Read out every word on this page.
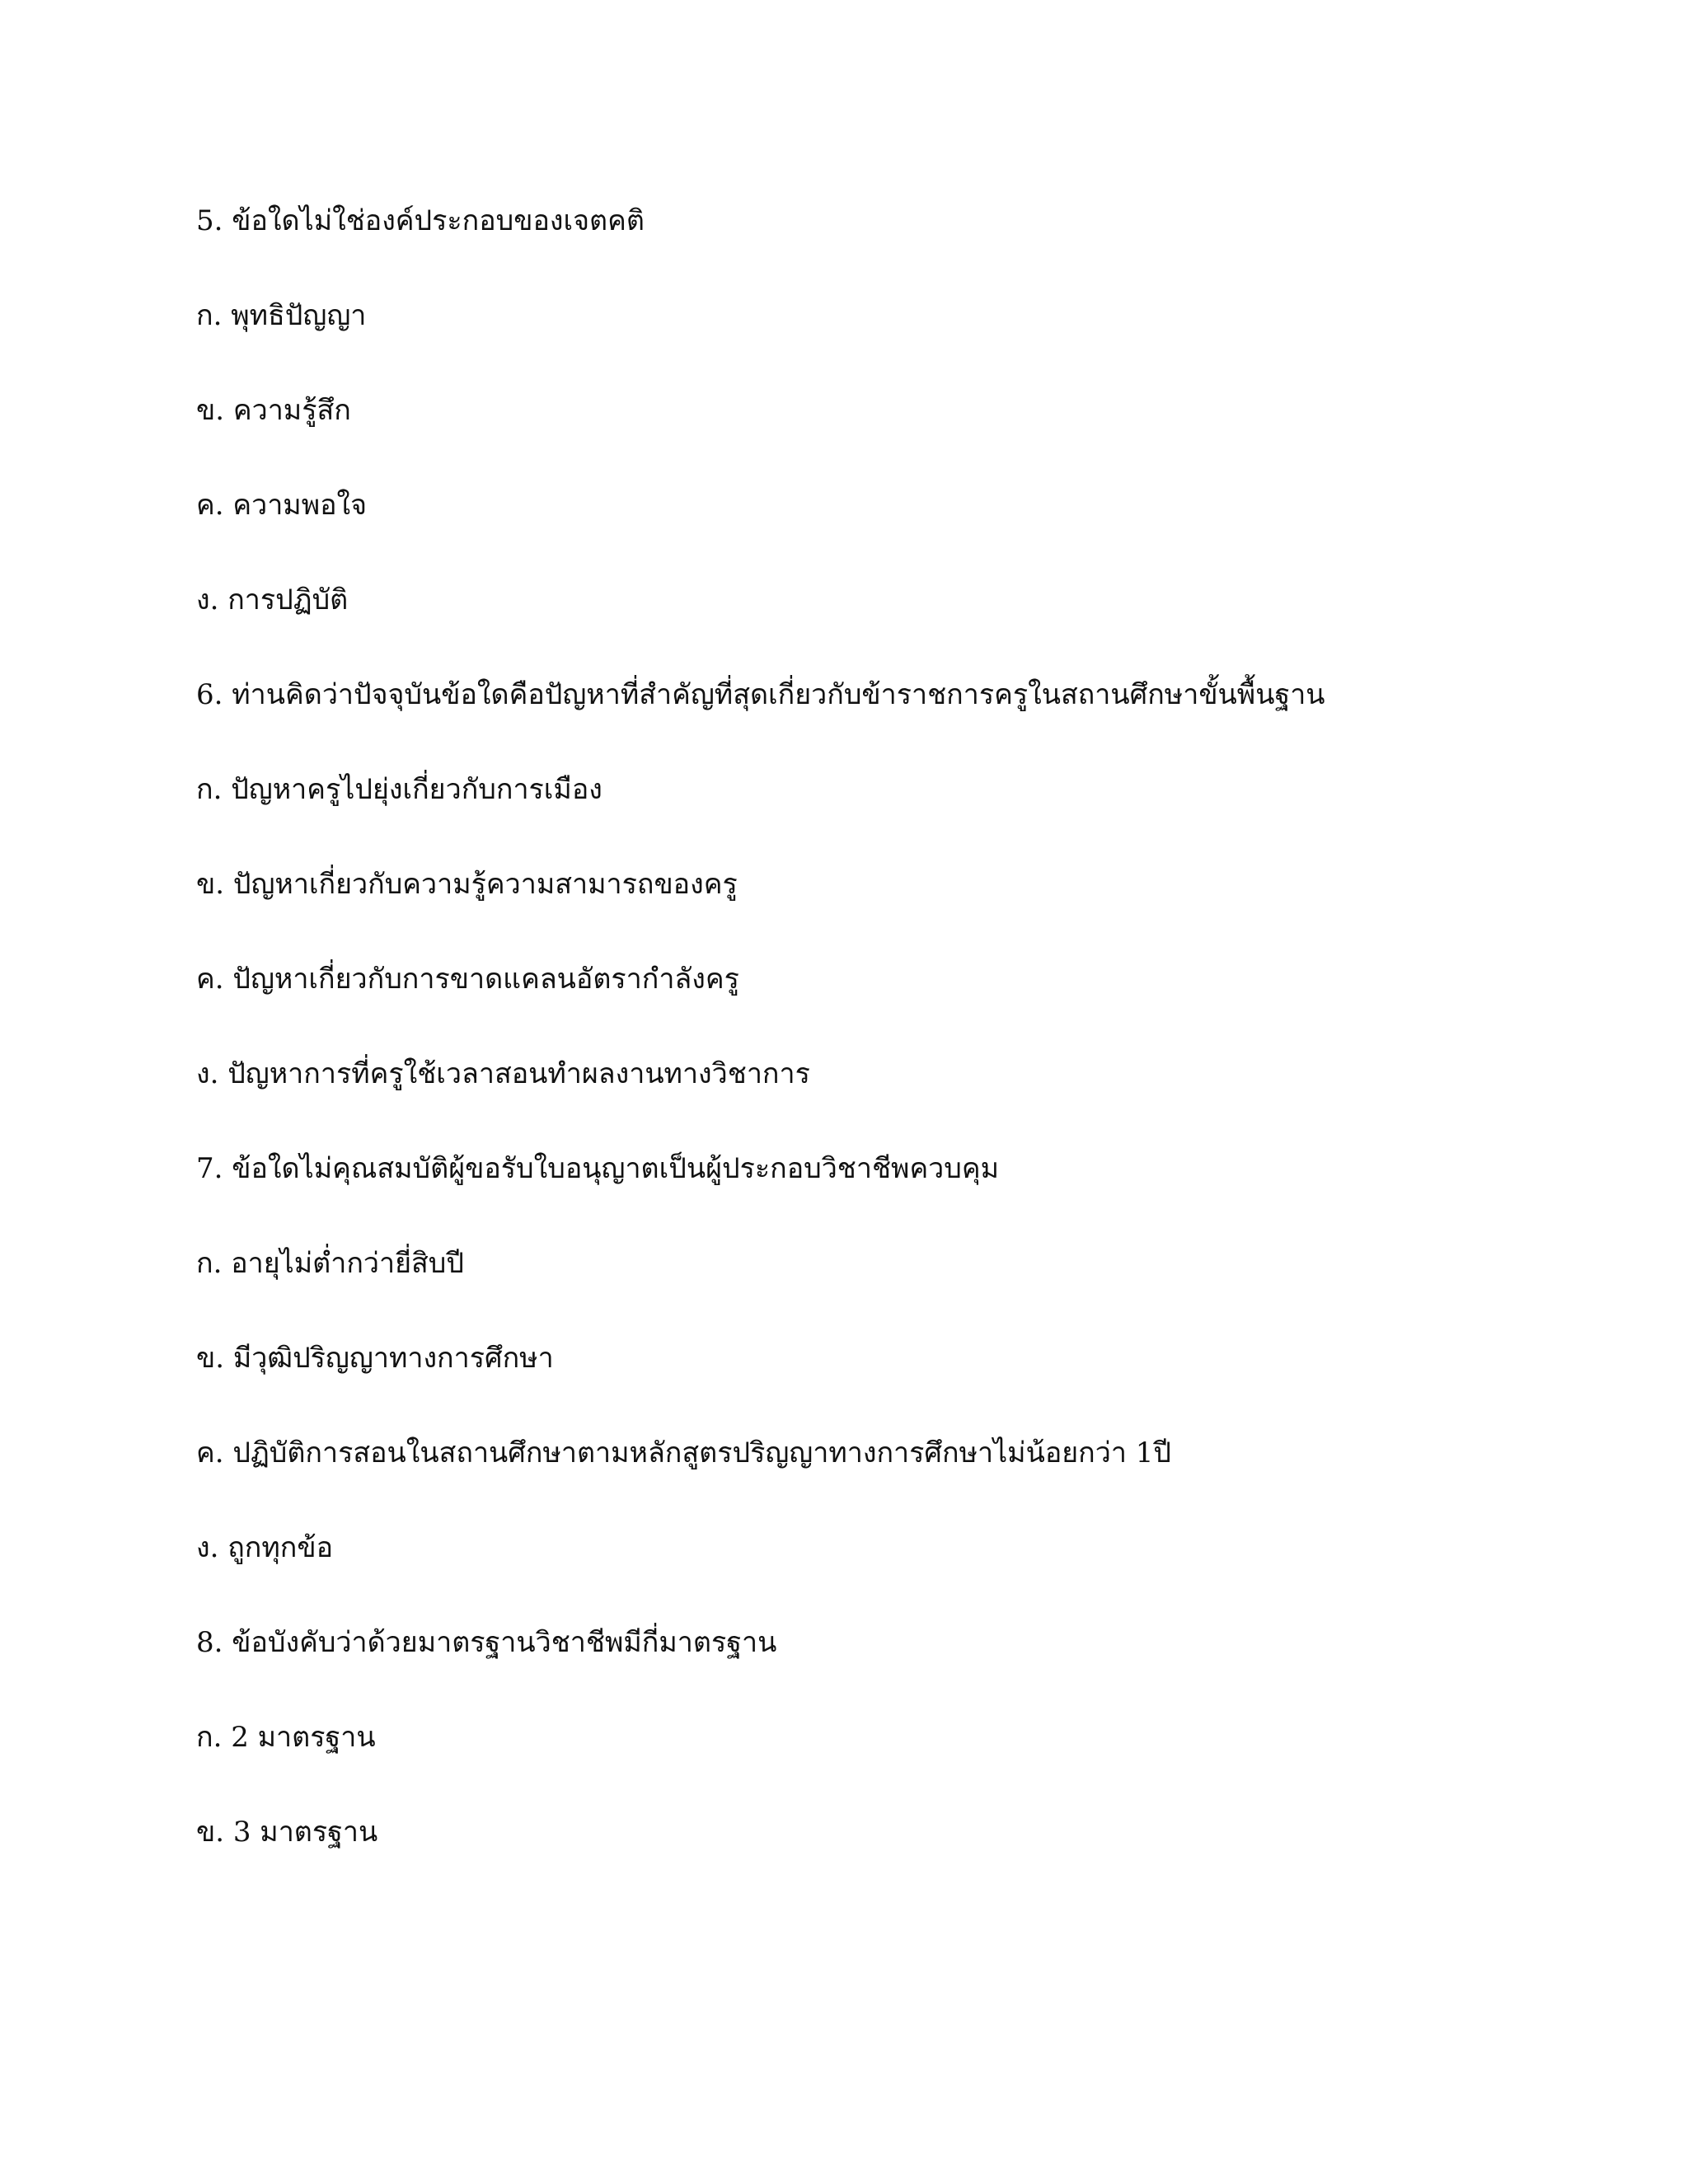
5. ข้อใดไม่ใช่องค์ประกอบของเจตคติ

ก. พุทธิปัญญา

ข. ความรู้สึก

ค. ความพอใจ

ง. การปฏิบัติ

6. ท่านคิดว่าปัจจุบันข้อใดคือปัญหาที่สำคัญที่สุดเกี่ยวกับข้าราชการครูในสถานศึกษาขั้นพื้นฐาน

ก. ปัญหาครูไปยุ่งเกี่ยวกับการเมือง

ข. ปัญหาเกี่ยวกับความรู้ความสามารถของครู

ค. ปัญหาเกี่ยวกับการขาดแคลนอัตรากำลังครู

ง. ปัญหาการที่ครูใช้เวลาสอนทำผลงานทางวิชาการ

7. ข้อใดไม่คุณสมบัติผู้ขอรับใบอนุญาตเป็นผู้ประกอบวิชาชีพควบคุม

ก. อายุไม่ต่ำกว่ายี่สิบปี

ข. มีวุฒิปริญญาทางการศึกษา

ค. ปฏิบัติการสอนในสถานศึกษาตามหลักสูตรปริญญาทางการศึกษาไม่น้อยกว่า 1ปี

ง. ถูกทุกข้อ

8. ข้อบังคับว่าด้วยมาตรฐานวิชาชีพมีกี่มาตรฐาน

ก. 2 มาตรฐาน

ข. 3 มาตรฐาน
